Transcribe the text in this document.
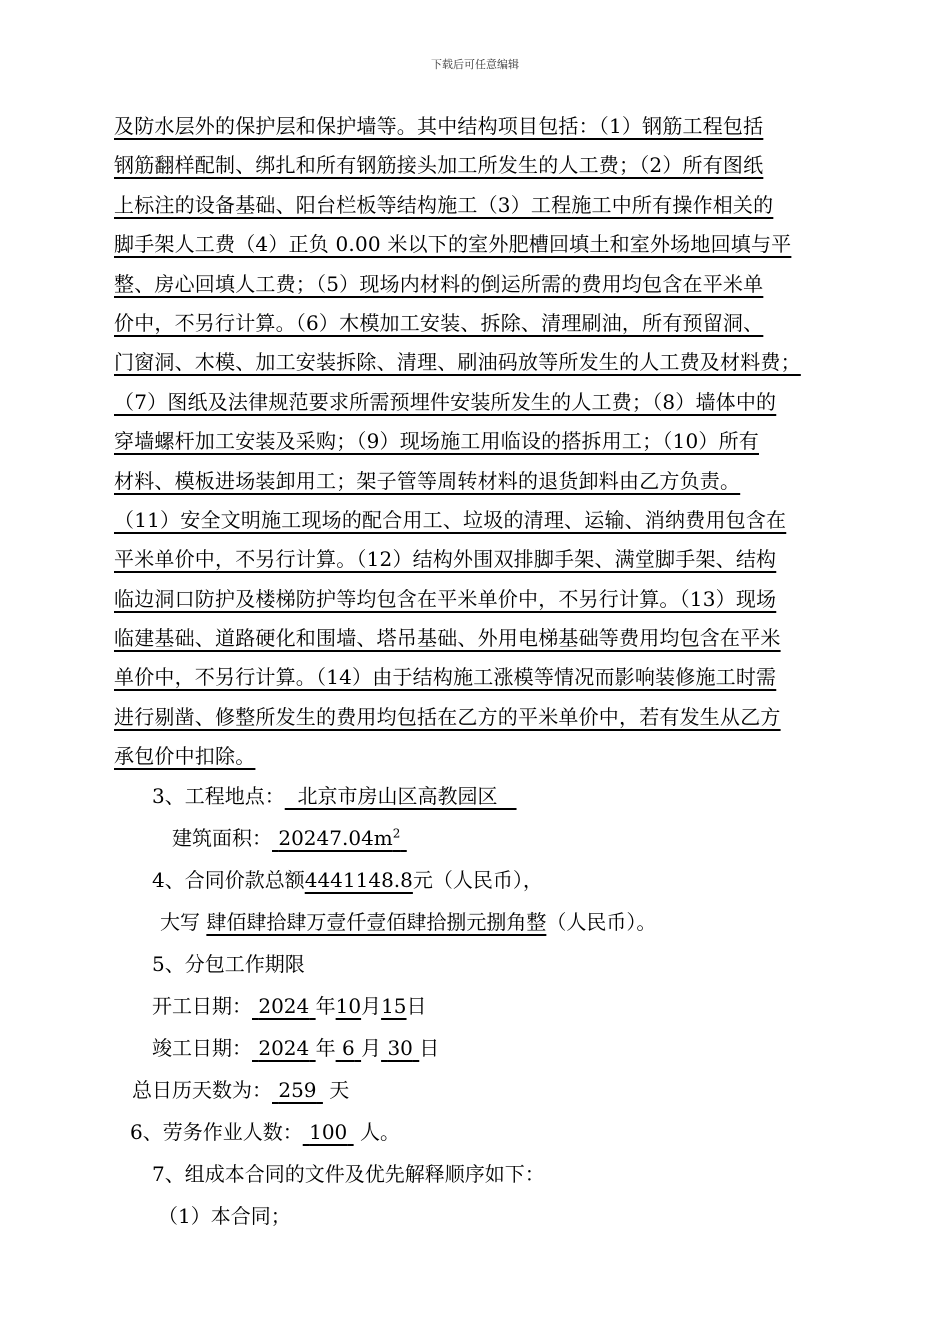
下载后可任意编辑
及防水层外的保护层和保护墙等。其中结构项目包括：（1）钢筋工程包括
钢筋翻样配制、绑扎和所有钢筋接头加工所发生的人工费；（2）所有图纸
上标注的设备基础、阳台栏板等结构施工（3）工程施工中所有操作相关的
脚手架人工费（4）正负 0.00 米以下的室外肥槽回填土和室外场地回填与平
整、房心回填人工费；（5）现场内材料的倒运所需的费用均包含在平米单
价中，不另行计算。（6）木模加工安装、拆除、清理刷油，所有预留洞、
门窗洞、木模、加工安装拆除、清理、刷油码放等所发生的人工费及材料费；
（7）图纸及法律规范要求所需预埋件安装所发生的人工费；（8）墙体中的
穿墙螺杆加工安装及采购；（9）现场施工用临设的搭拆用工；（10）所有
材料、模板进场装卸用工；架子管等周转材料的退货卸料由乙方负责。
（11）安全文明施工现场的配合用工、垃圾的清理、运输、消纳费用包含在
平米单价中，不另行计算。（12）结构外围双排脚手架、满堂脚手架、结构
临边洞口防护及楼梯防护等均包含在平米单价中，不另行计算。（13）现场
临建基础、道路硬化和围墙、塔吊基础、外用电梯基础等费用均包含在平米
单价中，不另行计算。（14）由于结构施工涨模等情况而影响装修施工时需
进行剔凿、修整所发生的费用均包括在乙方的平米单价中，若有发生从乙方
承包价中扣除。
3、工程地点：  北京市房山区高教园区
建筑面积： $20247.04m^2$
4、合同价款总额4441148.8元（人民币），
大写 肆佰肆拾肆万壹仟壹佰肆拾捌元捌角整（人民币）。
5、分包工作期限
开工日期： 2024 年10月15日
竣工日期： 2024 年 6 月 30 日
总日历天数为： 259 天
6、劳务作业人数： 100 人。
7、组成本合同的文件及优先解释顺序如下：
（1）本合同；
